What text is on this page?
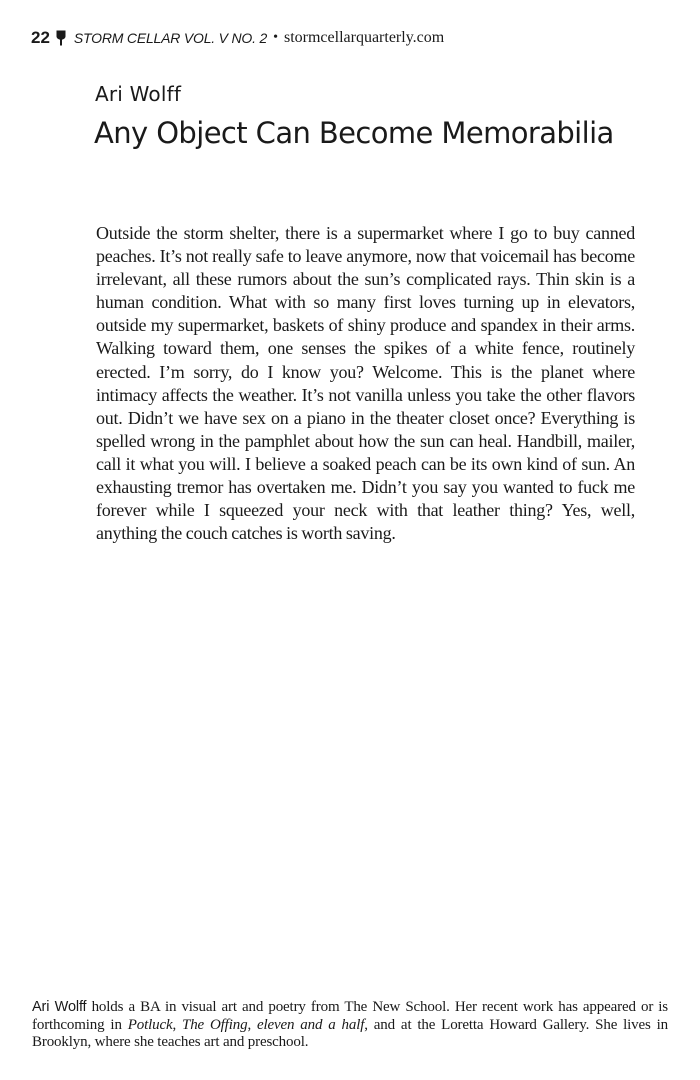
22 STORM CELLAR VOL. V NO. 2 • stormcellarquarterly.com
Ari Wolff
Any Object Can Become Memorabilia

Outside the storm shelter, there is a supermarket where I go to buy canned peaches. It’s not really safe to leave anymore, now that voicemail has become irrelevant, all these rumors about the sun’s complicated rays. Thin skin is a human condition. What with so many first loves turning up in elevators, outside my supermarket, baskets of shiny produce and spandex in their arms. Walking toward them, one senses the spikes of a white fence, routinely erected. I’m sorry, do I know you? Welcome. This is the planet where intimacy affects the weather. It’s not vanilla unless you take the other flavors out. Didn’t we have sex on a piano in the theater closet once? Everything is spelled wrong in the pamphlet about how the sun can heal. Handbill, mailer, call it what you will. I believe a soaked peach can be its own kind of sun. An exhausting tremor has overtaken me. Didn’t you say you wanted to fuck me forever while I squeezed your neck with that leather thing? Yes, well, anything the couch catches is worth saving.

Ari Wolff holds a BA in visual art and poetry from The New School. Her recent work has appeared or is forthcoming in Potluck, The Offing, eleven and a half, and at the Loretta Howard Gallery. She lives in Brooklyn, where she teaches art and preschool.
